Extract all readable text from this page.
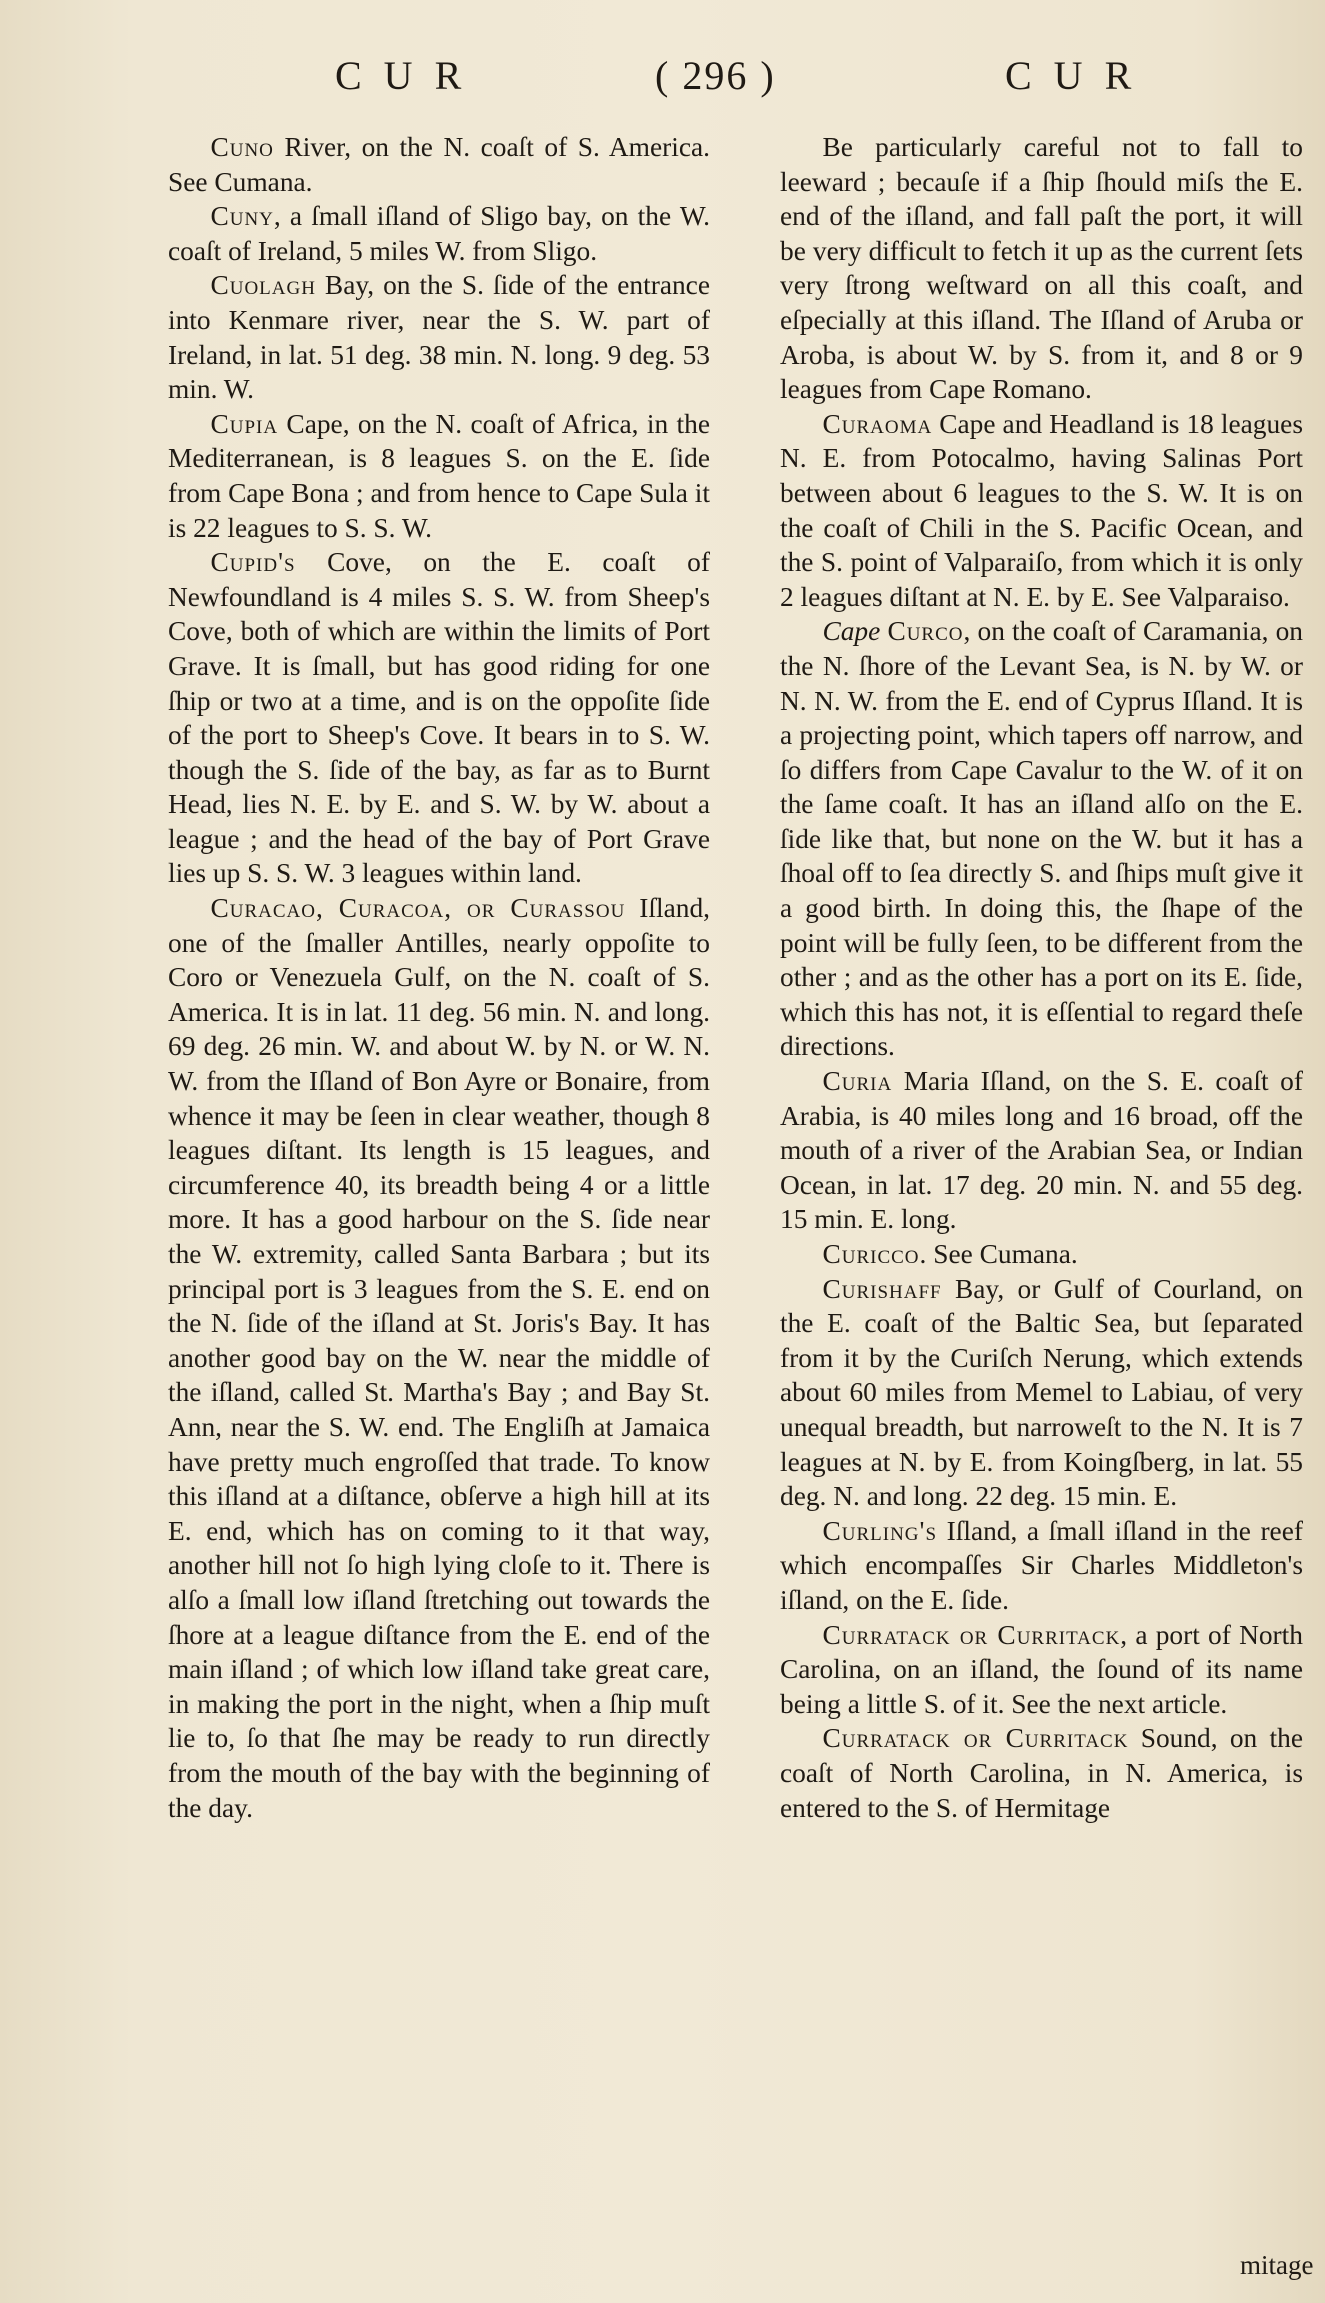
C U R	( 296 )	C U R

Cuno River, on the N. coaſt of S. America. See Cumana.

Cuny, a ſmall iſland of Sligo bay, on the W. coaſt of Ireland, 5 miles W. from Sligo.

Cuolagh Bay, on the S. ſide of the entrance into Kenmare river, near the S. W. part of Ireland, in lat. 51 deg. 38 min. N. long. 9 deg. 53 min. W.

Cupia Cape, on the N. coaſt of Africa, in the Mediterranean, is 8 leagues S. on the E. ſide from Cape Bona ; and from hence to Cape Sula it is 22 leagues to S. S. W.

Cupid's Cove, on the E. coaſt of Newfoundland is 4 miles S. S. W. from Sheep's Cove, both of which are within the limits of Port Grave. It is ſmall, but has good riding for one ſhip or two at a time, and is on the oppoſite ſide of the port to Sheep's Cove. It bears in to S. W. though the S. ſide of the bay, as far as to Burnt Head, lies N. E. by E. and S. W. by W. about a league ; and the head of the bay of Port Grave lies up S. S. W. 3 leagues within land.

Curacao, Curacoa, or Curassou Iſland, one of the ſmaller Antilles, nearly oppoſite to Coro or Venezuela Gulf, on the N. coaſt of S. America. It is in lat. 11 deg. 56 min. N. and long. 69 deg. 26 min. W. and about W. by N. or W. N. W. from the Iſland of Bon Ayre or Bonaire, from whence it may be ſeen in clear weather, though 8 leagues diſtant. Its length is 15 leagues, and circumference 40, its breadth being 4 or a little more. It has a good harbour on the S. ſide near the W. extremity, called Santa Barbara ; but its principal port is 3 leagues from the S. E. end on the N. ſide of the iſland at St. Joris's Bay. It has another good bay on the W. near the middle of the iſland, called St. Martha's Bay ; and Bay St. Ann, near the S. W. end. The Engliſh at Jamaica have pretty much engroſſed that trade. To know this iſland at a diſtance, obſerve a high hill at its E. end, which has on coming to it that way, another hill not ſo high lying cloſe to it. There is alſo a ſmall low iſland ſtretching out towards the ſhore at a league diſtance from the E. end of the main iſland ; of which low iſland take great care, in making the port in the night, when a ſhip muſt lie to, ſo that ſhe may be ready to run directly from the mouth of the bay with the beginning of the day.

Be particularly careful not to fall to leeward ; becauſe if a ſhip ſhould miſs the E. end of the iſland, and fall paſt the port, it will be very difficult to fetch it up as the current ſets very ſtrong weſtward on all this coaſt, and eſpecially at this iſland. The Iſland of Aruba or Aroba, is about W. by S. from it, and 8 or 9 leagues from Cape Romano.

Curaoma Cape and Headland is 18 leagues N. E. from Potocalmo, having Salinas Port between about 6 leagues to the S. W. It is on the coaſt of Chili in the S. Pacific Ocean, and the S. point of Valparaiſo, from which it is only 2 leagues diſtant at N. E. by E. See Valparaiso.

Cape Curco, on the coaſt of Caramania, on the N. ſhore of the Levant Sea, is N. by W. or N. N. W. from the E. end of Cyprus Iſland. It is a projecting point, which tapers off narrow, and ſo differs from Cape Cavalur to the W. of it on the ſame coaſt. It has an iſland alſo on the E. ſide like that, but none on the W. but it has a ſhoal off to ſea directly S. and ſhips muſt give it a good birth. In doing this, the ſhape of the point will be fully ſeen, to be different from the other ; and as the other has a port on its E. ſide, which this has not, it is eſſential to regard theſe directions.

Curia Maria Iſland, on the S. E. coaſt of Arabia, is 40 miles long and 16 broad, off the mouth of a river of the Arabian Sea, or Indian Ocean, in lat. 17 deg. 20 min. N. and 55 deg. 15 min. E. long.

Curicco. See Cumana.

Curishaff Bay, or Gulf of Courland, on the E. coaſt of the Baltic Sea, but ſeparated from it by the Curiſch Nerung, which extends about 60 miles from Memel to Labiau, of very unequal breadth, but narroweſt to the N. It is 7 leagues at N. by E. from Koingſberg, in lat. 55 deg. N. and long. 22 deg. 15 min. E.

Curling's Iſland, a ſmall iſland in the reef which encompaſſes Sir Charles Middleton's iſland, on the E. ſide.

Curratack or Curritack, a port of North Carolina, on an iſland, the ſound of its name being a little S. of it. See the next article.

Curratack or Curritack Sound, on the coaſt of North Carolina, in N. America, is entered to the S. of Hermitage

mitage
